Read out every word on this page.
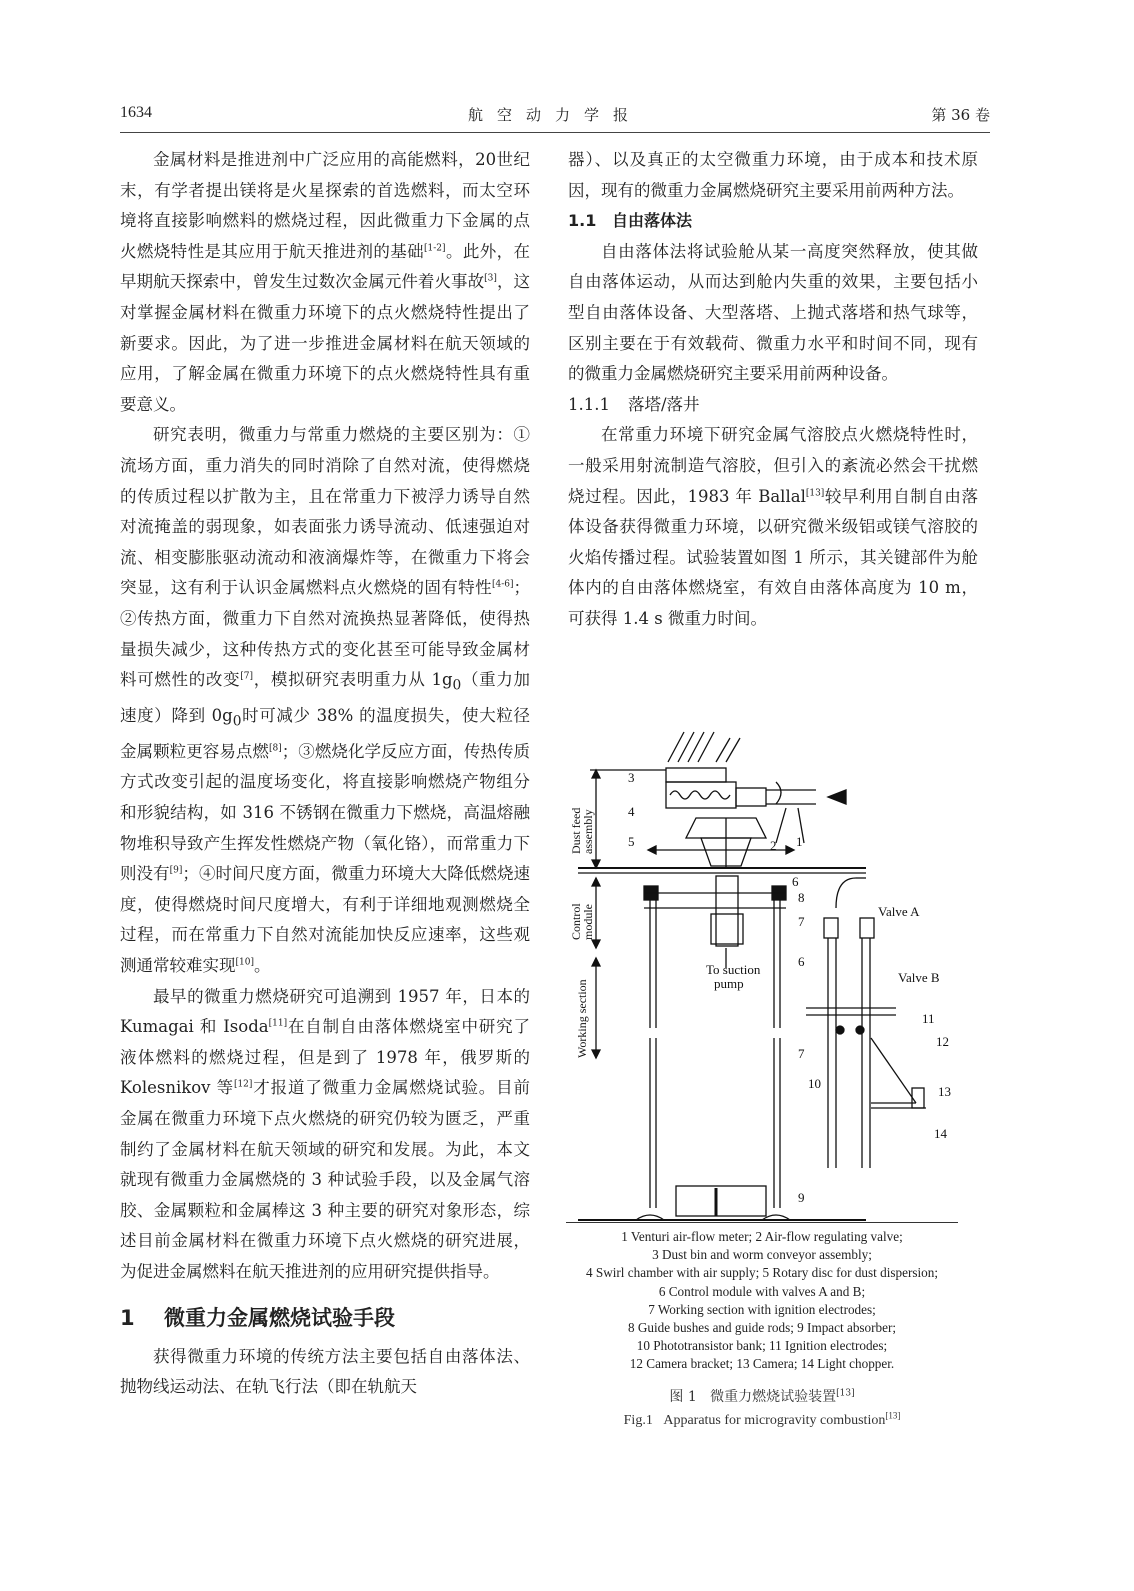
1634	航空动力学报	第 36 卷

金属材料是推进剂中广泛应用的高能燃料，20世纪末，有学者提出镁将是火星探索的首选燃料，而太空环境将直接影响燃料的燃烧过程，因此微重力下金属的点火燃烧特性是其应用于航天推进剂的基础[1-2]。此外，在早期航天探索中，曾发生过数次金属元件着火事故[3]，这对掌握金属材料在微重力环境下的点火燃烧特性提出了新要求。因此，为了进一步推进金属材料在航天领域的应用，了解金属在微重力环境下的点火燃烧特性具有重要意义。

研究表明，微重力与常重力燃烧的主要区别为：①流场方面，重力消失的同时消除了自然对流，使得燃烧的传质过程以扩散为主，且在常重力下被浮力诱导自然对流掩盖的弱现象，如表面张力诱导流动、低速强迫对流、相变膨胀驱动流动和液滴爆炸等，在微重力下将会突显，这有利于认识金属燃料点火燃烧的固有特性[4-6]；②传热方面，微重力下自然对流换热显著降低，使得热量损失减少，这种传热方式的变化甚至可能导致金属材料可燃性的改变[7]，模拟研究表明重力从 $1g_0$（重力加速度）降到 $0g_0$时可减少 38% 的温度损失，使大粒径金属颗粒更容易点燃[8]；③燃烧化学反应方面，传热传质方式改变引起的温度场变化，将直接影响燃烧产物组分和形貌结构，如 316 不锈钢在微重力下燃烧，高温熔融物堆积导致产生挥发性燃烧产物（氧化铬），而常重力下则没有[9]；④时间尺度方面，微重力环境大大降低燃烧速度，使得燃烧时间尺度增大，有利于详细地观测燃烧全过程，而在常重力下自然对流能加快反应速率，这些观测通常较难实现[10]。

最早的微重力燃烧研究可追溯到 1957 年，日本的 Kumagai 和 Isoda[11]在自制自由落体燃烧室中研究了液体燃料的燃烧过程，但是到了 1978 年，俄罗斯的 Kolesnikov 等[12]才报道了微重力金属燃烧试验。目前金属在微重力环境下点火燃烧的研究仍较为匮乏，严重制约了金属材料在航天领域的研究和发展。为此，本文就现有微重力金属燃烧的 3 种试验手段，以及金属气溶胶、金属颗粒和金属棒这 3 种主要的研究对象形态，综述目前金属材料在微重力环境下点火燃烧的研究进展，为促进金属燃料在航天推进剂的应用研究提供指导。

1 微重力金属燃烧试验手段

获得微重力环境的传统方法主要包括自由落体法、抛物线运动法、在轨飞行法（即在轨航天

器）、以及真正的太空微重力环境，由于成本和技术原因，现有的微重力金属燃烧研究主要采用前两种方法。

1.1 自由落体法

自由落体法将试验舱从某一高度突然释放，使其做自由落体运动，从而达到舱内失重的效果，主要包括小型自由落体设备、大型落塔、上抛式落塔和热气球等，区别主要在于有效载荷、微重力水平和时间不同，现有的微重力金属燃烧研究主要采用前两种设备。

1.1.1 落塔/落井

在常重力环境下研究金属气溶胶点火燃烧特性时，一般采用射流制造气溶胶，但引入的紊流必然会干扰燃烧过程。因此，1983 年 Ballal[13]较早利用自制自由落体设备获得微重力环境，以研究微米级铝或镁气溶胶的火焰传播过程。试验装置如图 1 所示，其关键部件为舱体内的自由落体燃烧室，有效自由落体高度为 10 m，可获得 1.4 s 微重力时间。

3
4
5	2 1
6
8
7
6
7
10
11
12
13
14
9
Valve A
Valve B
To suction
pump
Dust feed
assembly
Control
module
Working section
1 Venturi air-flow meter; 2 Air-flow regulating valve;
3 Dust bin and worm conveyor assembly;
4 Swirl chamber with air supply; 5 Rotary disc for dust dispersion;
6 Control module with valves A and B;
7 Working section with ignition electrodes;
8 Guide bushes and guide rods; 9 Impact absorber;
10 Phototransistor bank; 11 Ignition electrodes;
12 Camera bracket; 13 Camera; 14 Light chopper.
图 1 微重力燃烧试验装置[13]
Fig.1 Apparatus for microgravity combustion[13]
